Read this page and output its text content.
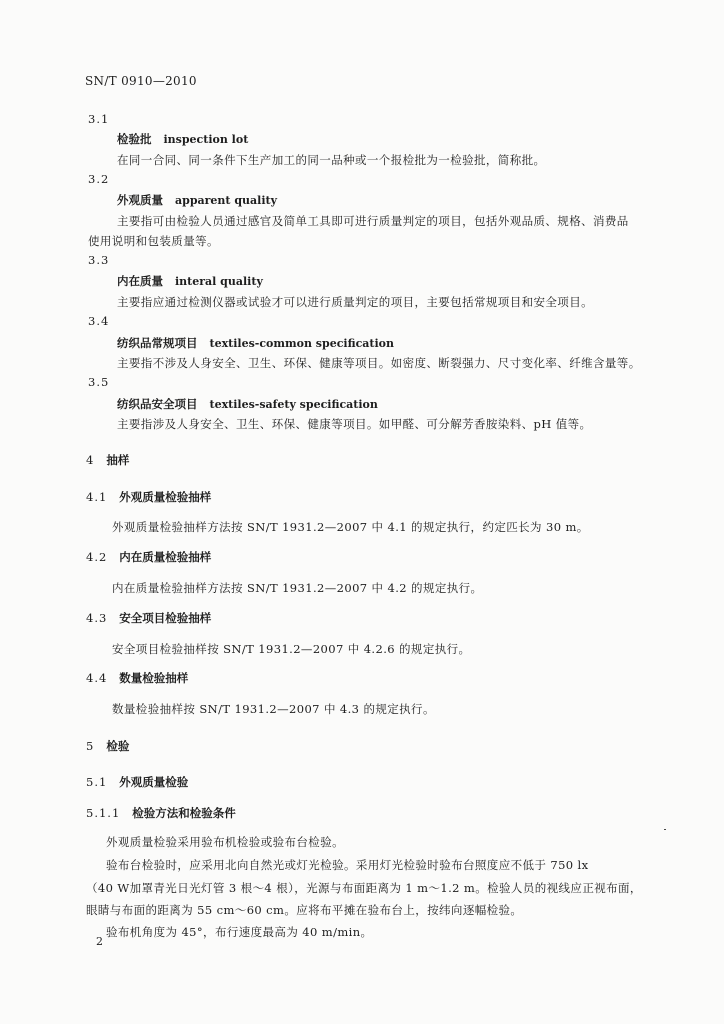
SN/T 0910—2010
3.1
检验批 inspection lot
在同一合同、同一条件下生产加工的同一品种或一个报检批为一检验批，简称批。
3.2
外观质量 apparent quality
主要指可由检验人员通过感官及简单工具即可进行质量判定的项目，包括外观品质、规格、消费品
使用说明和包装质量等。
3.3
内在质量 interal quality
主要指应通过检测仪器或试验才可以进行质量判定的项目，主要包括常规项目和安全项目。
3.4
纺织品常规项目 textiles-common specification
主要指不涉及人身安全、卫生、环保、健康等项目。如密度、断裂强力、尺寸变化率、纤维含量等。
3.5
纺织品安全项目 textiles-safety specification
主要指涉及人身安全、卫生、环保、健康等项目。如甲醛、可分解芳香胺染料、pH 值等。
4 抽样
4.1 外观质量检验抽样
外观质量检验抽样方法按 SN/T 1931.2—2007 中 4.1 的规定执行，约定匹长为 30 m。
4.2 内在质量检验抽样
内在质量检验抽样方法按 SN/T 1931.2—2007 中 4.2 的规定执行。
4.3 安全项目检验抽样
安全项目检验抽样按 SN/T 1931.2—2007 中 4.2.6 的规定执行。
4.4 数量检验抽样
数量检验抽样按 SN/T 1931.2—2007 中 4.3 的规定执行。
5 检验
5.1 外观质量检验
5.1.1 检验方法和检验条件
外观质量检验采用验布机检验或验布台检验。
验布台检验时，应采用北向自然光或灯光检验。采用灯光检验时验布台照度应不低于 750 lx
（40 W加罩青光日光灯管 3 根～4 根），光源与布面距离为 1 m～1.2 m。检验人员的视线应正视布面，
眼睛与布面的距离为 55 cm～60 cm。应将布平摊在验布台上，按纬向逐幅检验。
验布机角度为 45°，布行速度最高为 40 m/min。
2
